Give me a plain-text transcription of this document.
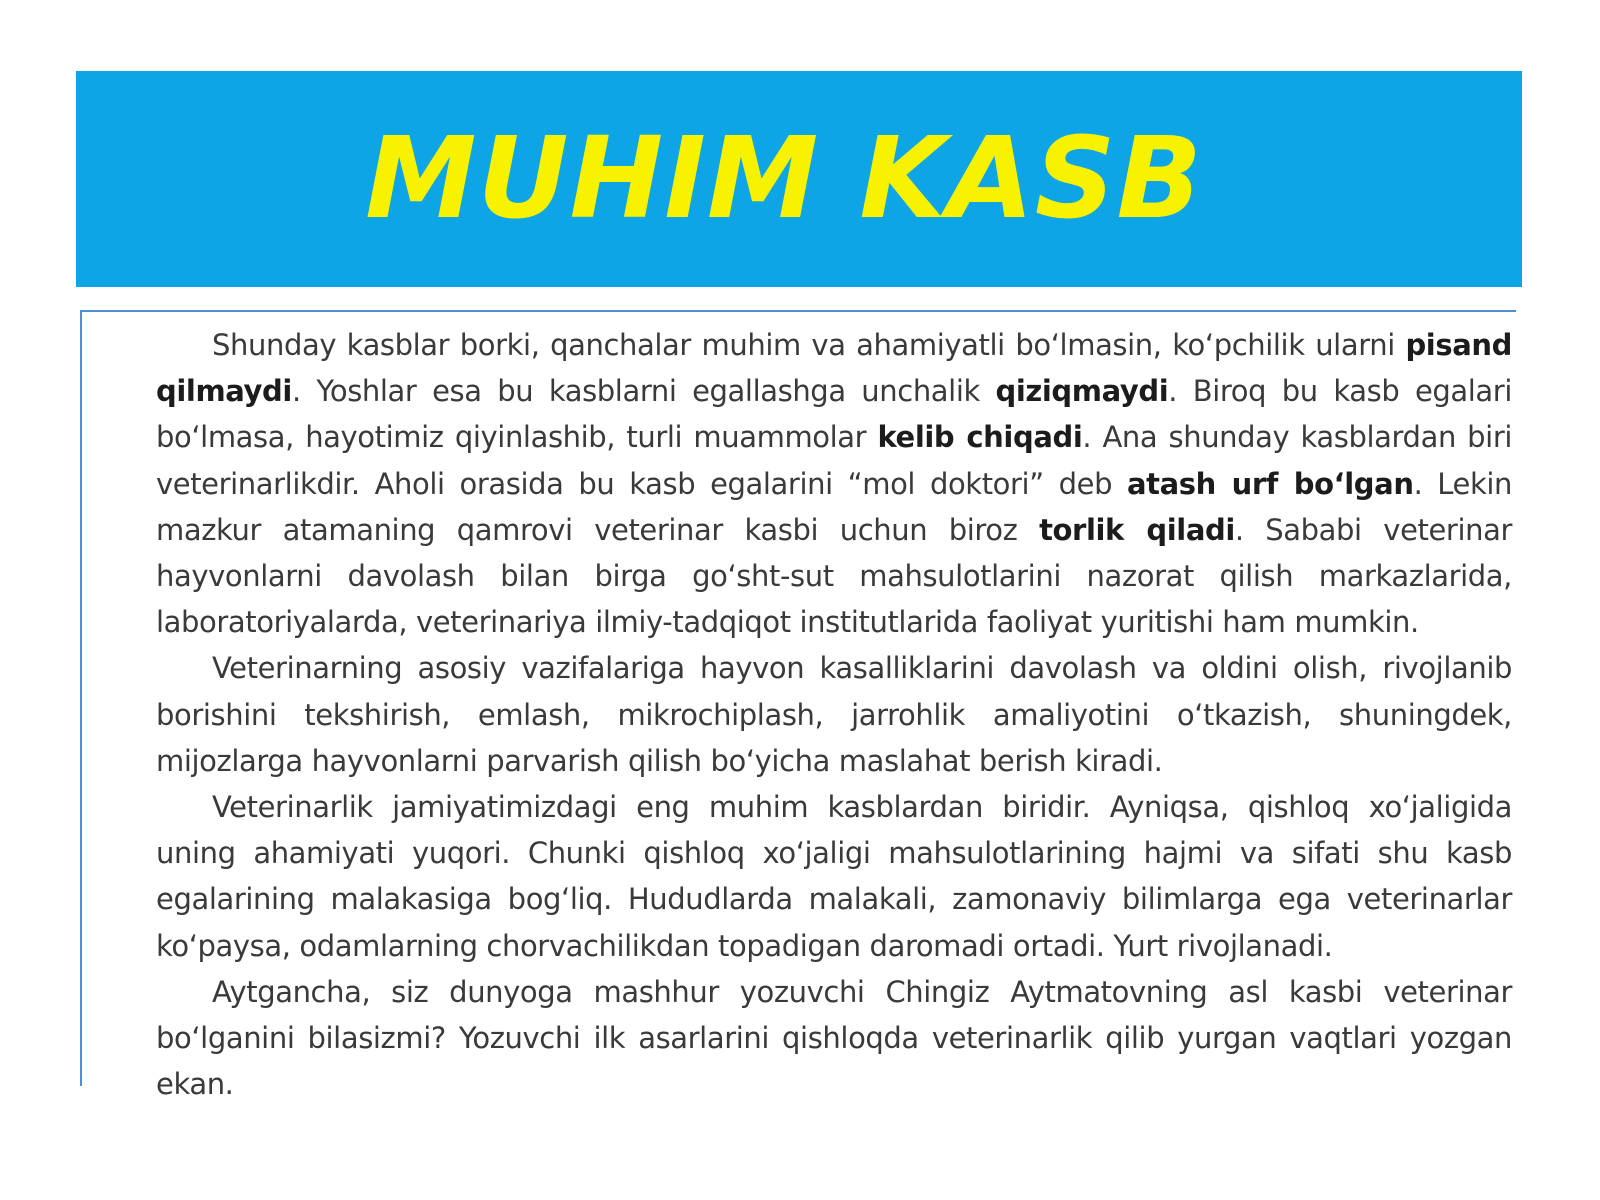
MUHIM KASB

Shunday kasblar borki, qanchalar muhim va ahamiyatli bo‘lmasin, ko‘pchilik ularni pisand qilmaydi. Yoshlar esa bu kasblarni egallashga unchalik qiziqmaydi. Biroq bu kasb egalari bo‘lmasa, hayotimiz qiyinlashib, turli muammolar kelib chiqadi. Ana shunday kasblardan biri veterinarlikdir. Aholi orasida bu kasb egalarini “mol doktori” deb atash urf bo‘lgan. Lekin mazkur atamaning qamrovi veterinar kasbi uchun biroz torlik qiladi. Sababi veterinar hayvonlarni davolash bilan birga go‘sht-sut mahsulotlarini nazorat qilish markazlarida, laboratoriyalarda, veterinariya ilmiy-tadqiqot institutlarida faoliyat yuritishi ham mumkin.

Veterinarning asosiy vazifalariga hayvon kasalliklarini davolash va oldini olish, rivojlanib borishini tekshirish, emlash, mikrochiplash, jarrohlik amaliyotini o‘tkazish, shuningdek, mijozlarga hayvonlarni parvarish qilish bo‘yicha maslahat berish kiradi.

Veterinarlik jamiyatimizdagi eng muhim kasblardan biridir. Ayniqsa, qishloq xo‘jaligida uning ahamiyati yuqori. Chunki qishloq xo‘jaligi mahsulotlarining hajmi va sifati shu kasb egalarining malakasiga bog‘liq. Hududlarda malakali, zamonaviy bilimlarga ega veterinarlar ko‘paysa, odamlarning chorvachilikdan topadigan daromadi ortadi. Yurt rivojlanadi.

Aytgancha, siz dunyoga mashhur yozuvchi Chingiz Aytmatovning asl kasbi veterinar bo‘lganini bilasizmi? Yozuvchi ilk asarlarini qishloqda veterinarlik qilib yurgan vaqtlari yozgan ekan.
